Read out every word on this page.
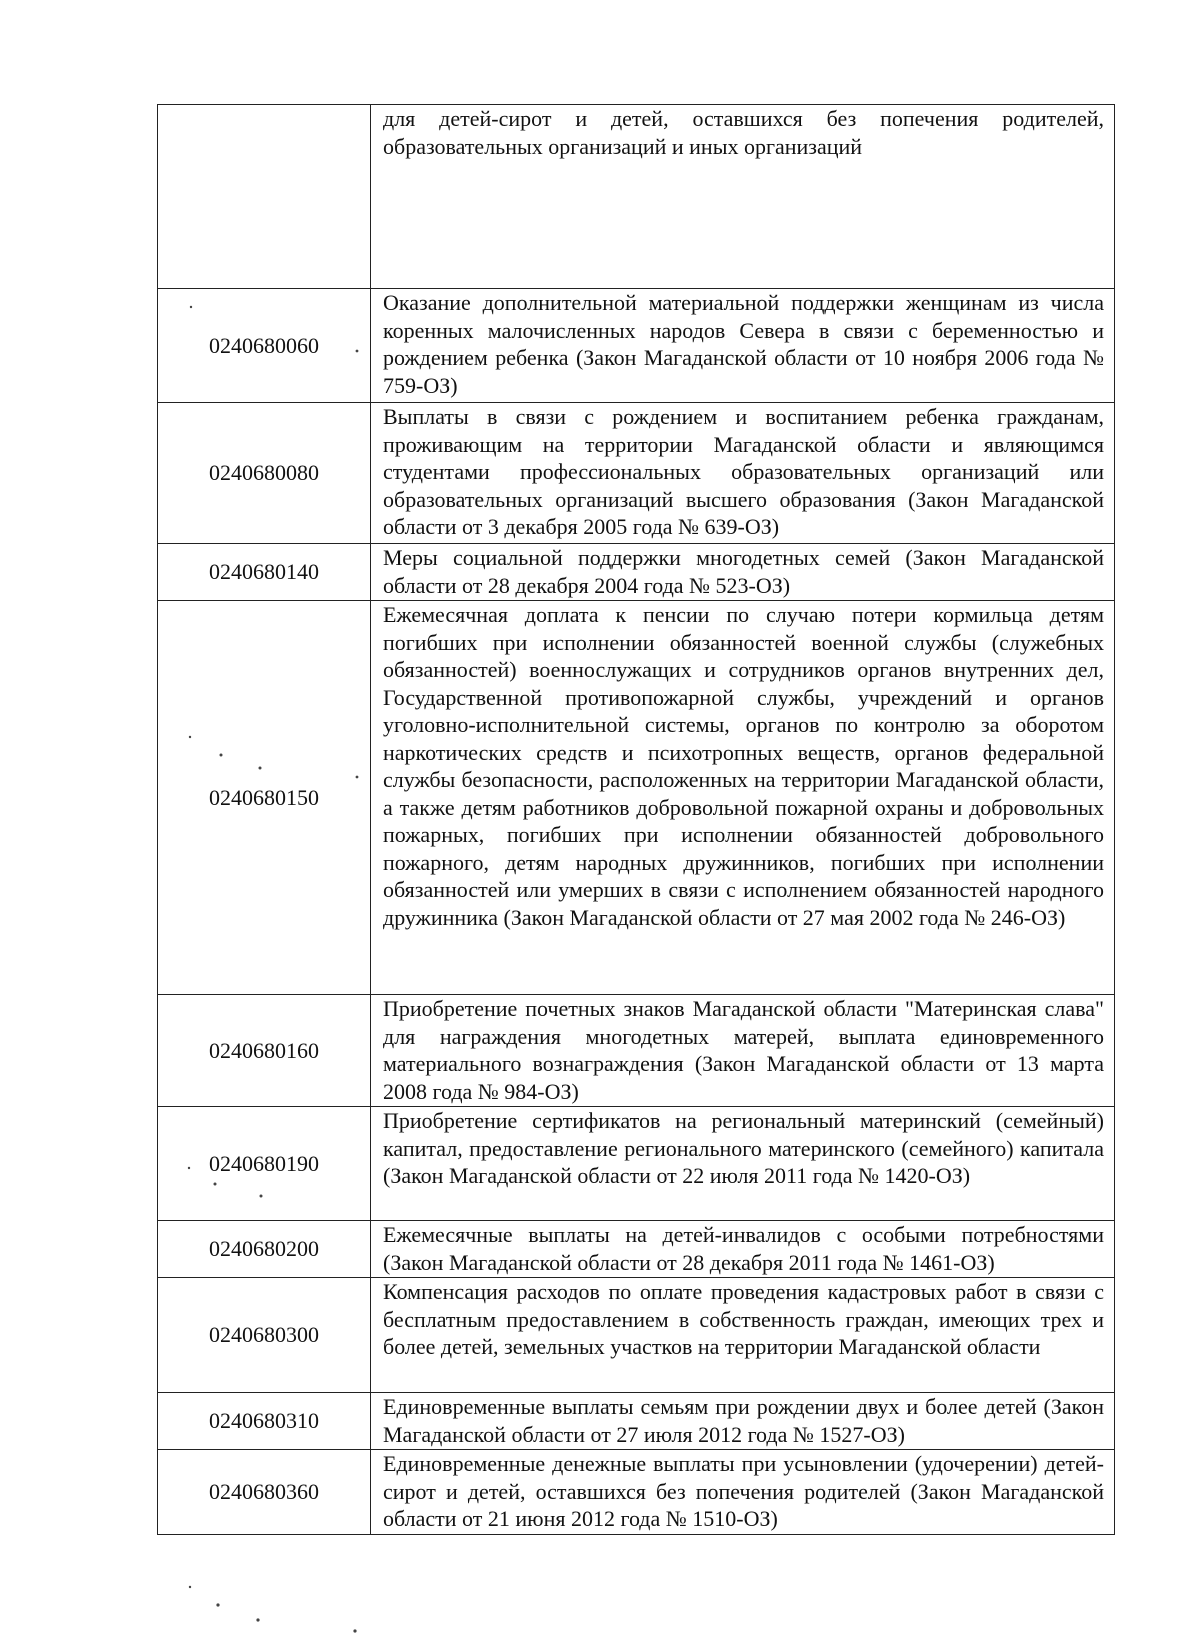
	для детей-сирот и детей, оставшихся без попечения родителей, образовательных организаций и иных организаций
0240680060	Оказание дополнительной материальной поддержки женщинам из числа коренных малочисленных народов Севера в связи с беременностью и рождением ребенка (Закон Магаданской области от 10 ноября 2006 года № 759-ОЗ)
0240680080	Выплаты в связи с рождением и воспитанием ребенка гражданам, проживающим на территории Магаданской области и являющимся студентами профессиональных образовательных организаций или образовательных организаций высшего образования (Закон Магаданской области от 3 декабря 2005 года № 639-ОЗ)
0240680140	Меры социальной поддержки многодетных семей (Закон Магаданской области от 28 декабря 2004 года № 523-ОЗ)
0240680150	Ежемесячная доплата к пенсии по случаю потери кормильца детям погибших при исполнении обязанностей военной службы (служебных обязанностей) военнослужащих и сотрудников органов внутренних дел, Государственной противопожарной службы, учреждений и органов уголовно-исполнительной системы, органов по контролю за оборотом наркотических средств и психотропных веществ, органов федеральной службы безопасности, расположенных на территории Магаданской области, а также детям работников добровольной пожарной охраны и добровольных пожарных, погибших при исполнении обязанностей добровольного пожарного, детям народных дружинников, погибших при исполнении обязанностей или умерших в связи с исполнением обязанностей народного дружинника (Закон Магаданской области от 27 мая 2002 года № 246-ОЗ)
0240680160	Приобретение почетных знаков Магаданской области "Материнская слава" для награждения многодетных матерей, выплата единовременного материального вознаграждения (Закон Магаданской области от 13 марта 2008 года № 984-ОЗ)
0240680190	Приобретение сертификатов на региональный материнский (семейный) капитал, предоставление регионального материнского (семейного) капитала (Закон Магаданской области от 22 июля 2011 года № 1420-ОЗ)
0240680200	Ежемесячные выплаты на детей-инвалидов с особыми потребностями (Закон Магаданской области от 28 декабря 2011 года № 1461-ОЗ)
0240680300	Компенсация расходов по оплате проведения кадастровых работ в связи с бесплатным предоставлением в собственность граждан, имеющих трех и более детей, земельных участков на территории Магаданской области
0240680310	Единовременные выплаты семьям при рождении двух и более детей (Закон Магаданской области от 27 июля 2012 года № 1527-ОЗ)
0240680360	Единовременные денежные выплаты при усыновлении (удочерении) детей-сирот и детей, оставшихся без попечения родителей (Закон Магаданской области от 21 июня 2012 года № 1510-ОЗ)
